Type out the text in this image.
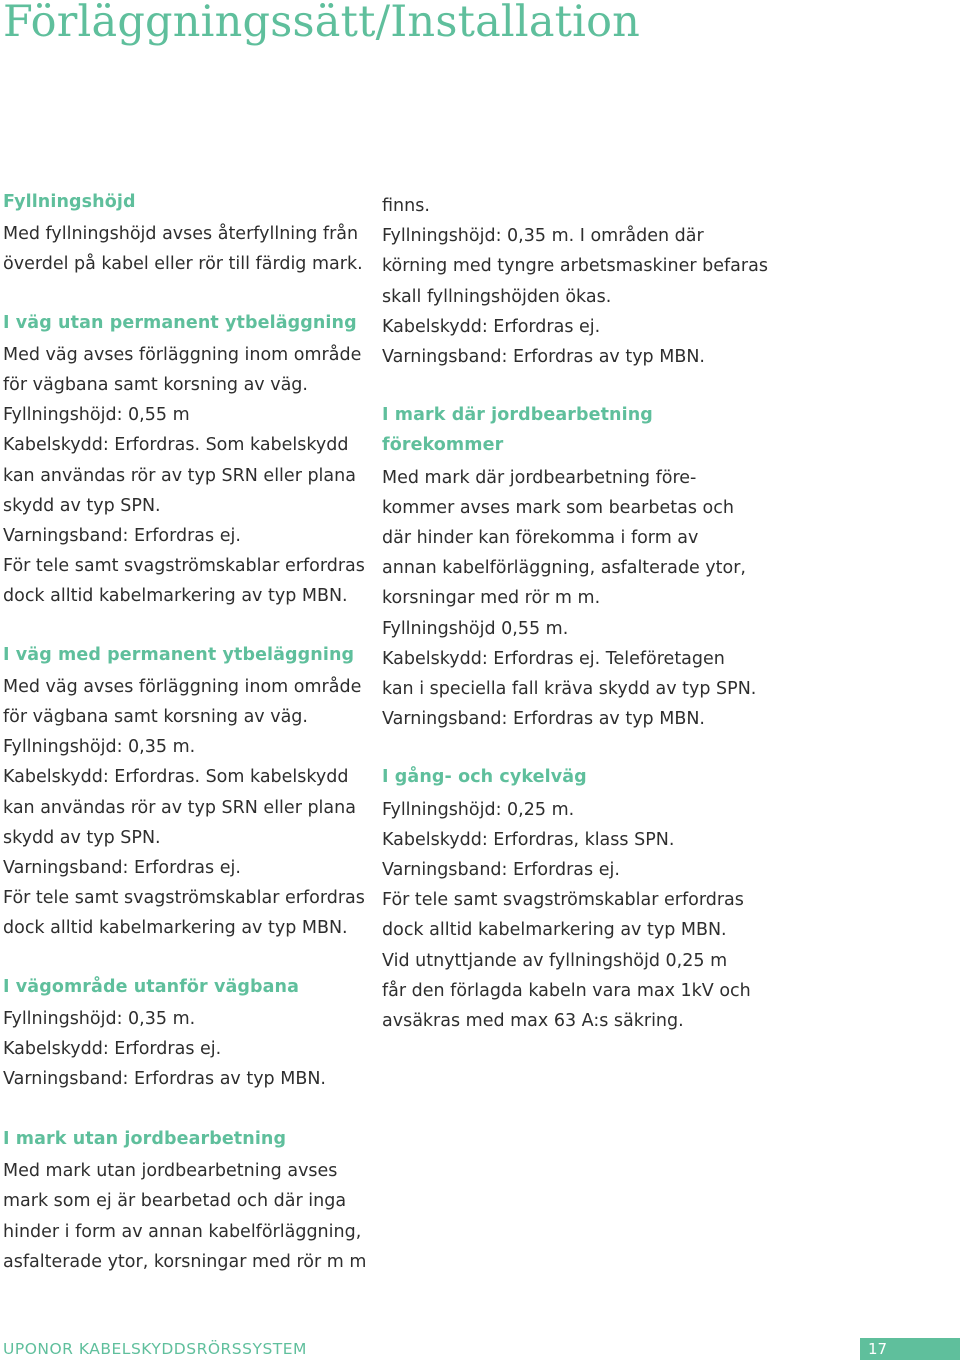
Förläggningssätt/Installation
Fyllningshöjd
Med fyllningshöjd avses återfyllning från
överdel på kabel eller rör till färdig mark.
I väg utan permanent ytbeläggning
Med väg avses förläggning inom område
för vägbana samt korsning av väg.
Fyllningshöjd: 0,55 m
Kabelskydd: Erfordras. Som kabelskydd
kan användas rör av typ SRN eller plana
skydd av typ SPN.
Varningsband: Erfordras ej.
För tele samt svagströmskablar erfordras
dock alltid kabelmarkering av typ MBN.
I väg med permanent ytbeläggning
Med väg avses förläggning inom område
för vägbana samt korsning av väg.
Fyllningshöjd: 0,35 m.
Kabelskydd: Erfordras. Som kabelskydd
kan användas rör av typ SRN eller plana
skydd av typ SPN.
Varningsband: Erfordras ej.
För tele samt svagströmskablar erfordras
dock alltid kabelmarkering av typ MBN.
I vägområde utanför vägbana
Fyllningshöjd: 0,35 m.
Kabelskydd: Erfordras ej.
Varningsband: Erfordras av typ MBN.
I mark utan jordbearbetning
Med mark utan jordbearbetning avses
mark som ej är bearbetad och där inga
hinder i form av annan kabelförläggning,
asfalterade ytor, korsningar med rör m m
finns.
Fyllningshöjd: 0,35 m. I områden där
körning med tyngre arbetsmaskiner befaras
skall fyllningshöjden ökas.
Kabelskydd: Erfordras ej.
Varningsband: Erfordras av typ MBN.
I mark där jordbearbetning
förekommer
Med mark där jordbearbetning före-
kommer avses mark som bearbetas och
där hinder kan förekomma i form av
annan kabelförläggning, asfalterade ytor,
korsningar med rör m m.
Fyllningshöjd 0,55 m.
Kabelskydd: Erfordras ej. Teleföretagen
kan i speciella fall kräva skydd av typ SPN.
Varningsband: Erfordras av typ MBN.
I gång- och cykelväg
Fyllningshöjd: 0,25 m.
Kabelskydd: Erfordras, klass SPN.
Varningsband: Erfordras ej.
För tele samt svagströmskablar erfordras
dock alltid kabelmarkering av typ MBN.
Vid utnyttjande av fyllningshöjd 0,25 m
får den förlagda kabeln vara max 1kV och
avsäkras med max 63 A:s säkring.
UPONOR KABELSKYDDSRÖRSSYSTEM	17
